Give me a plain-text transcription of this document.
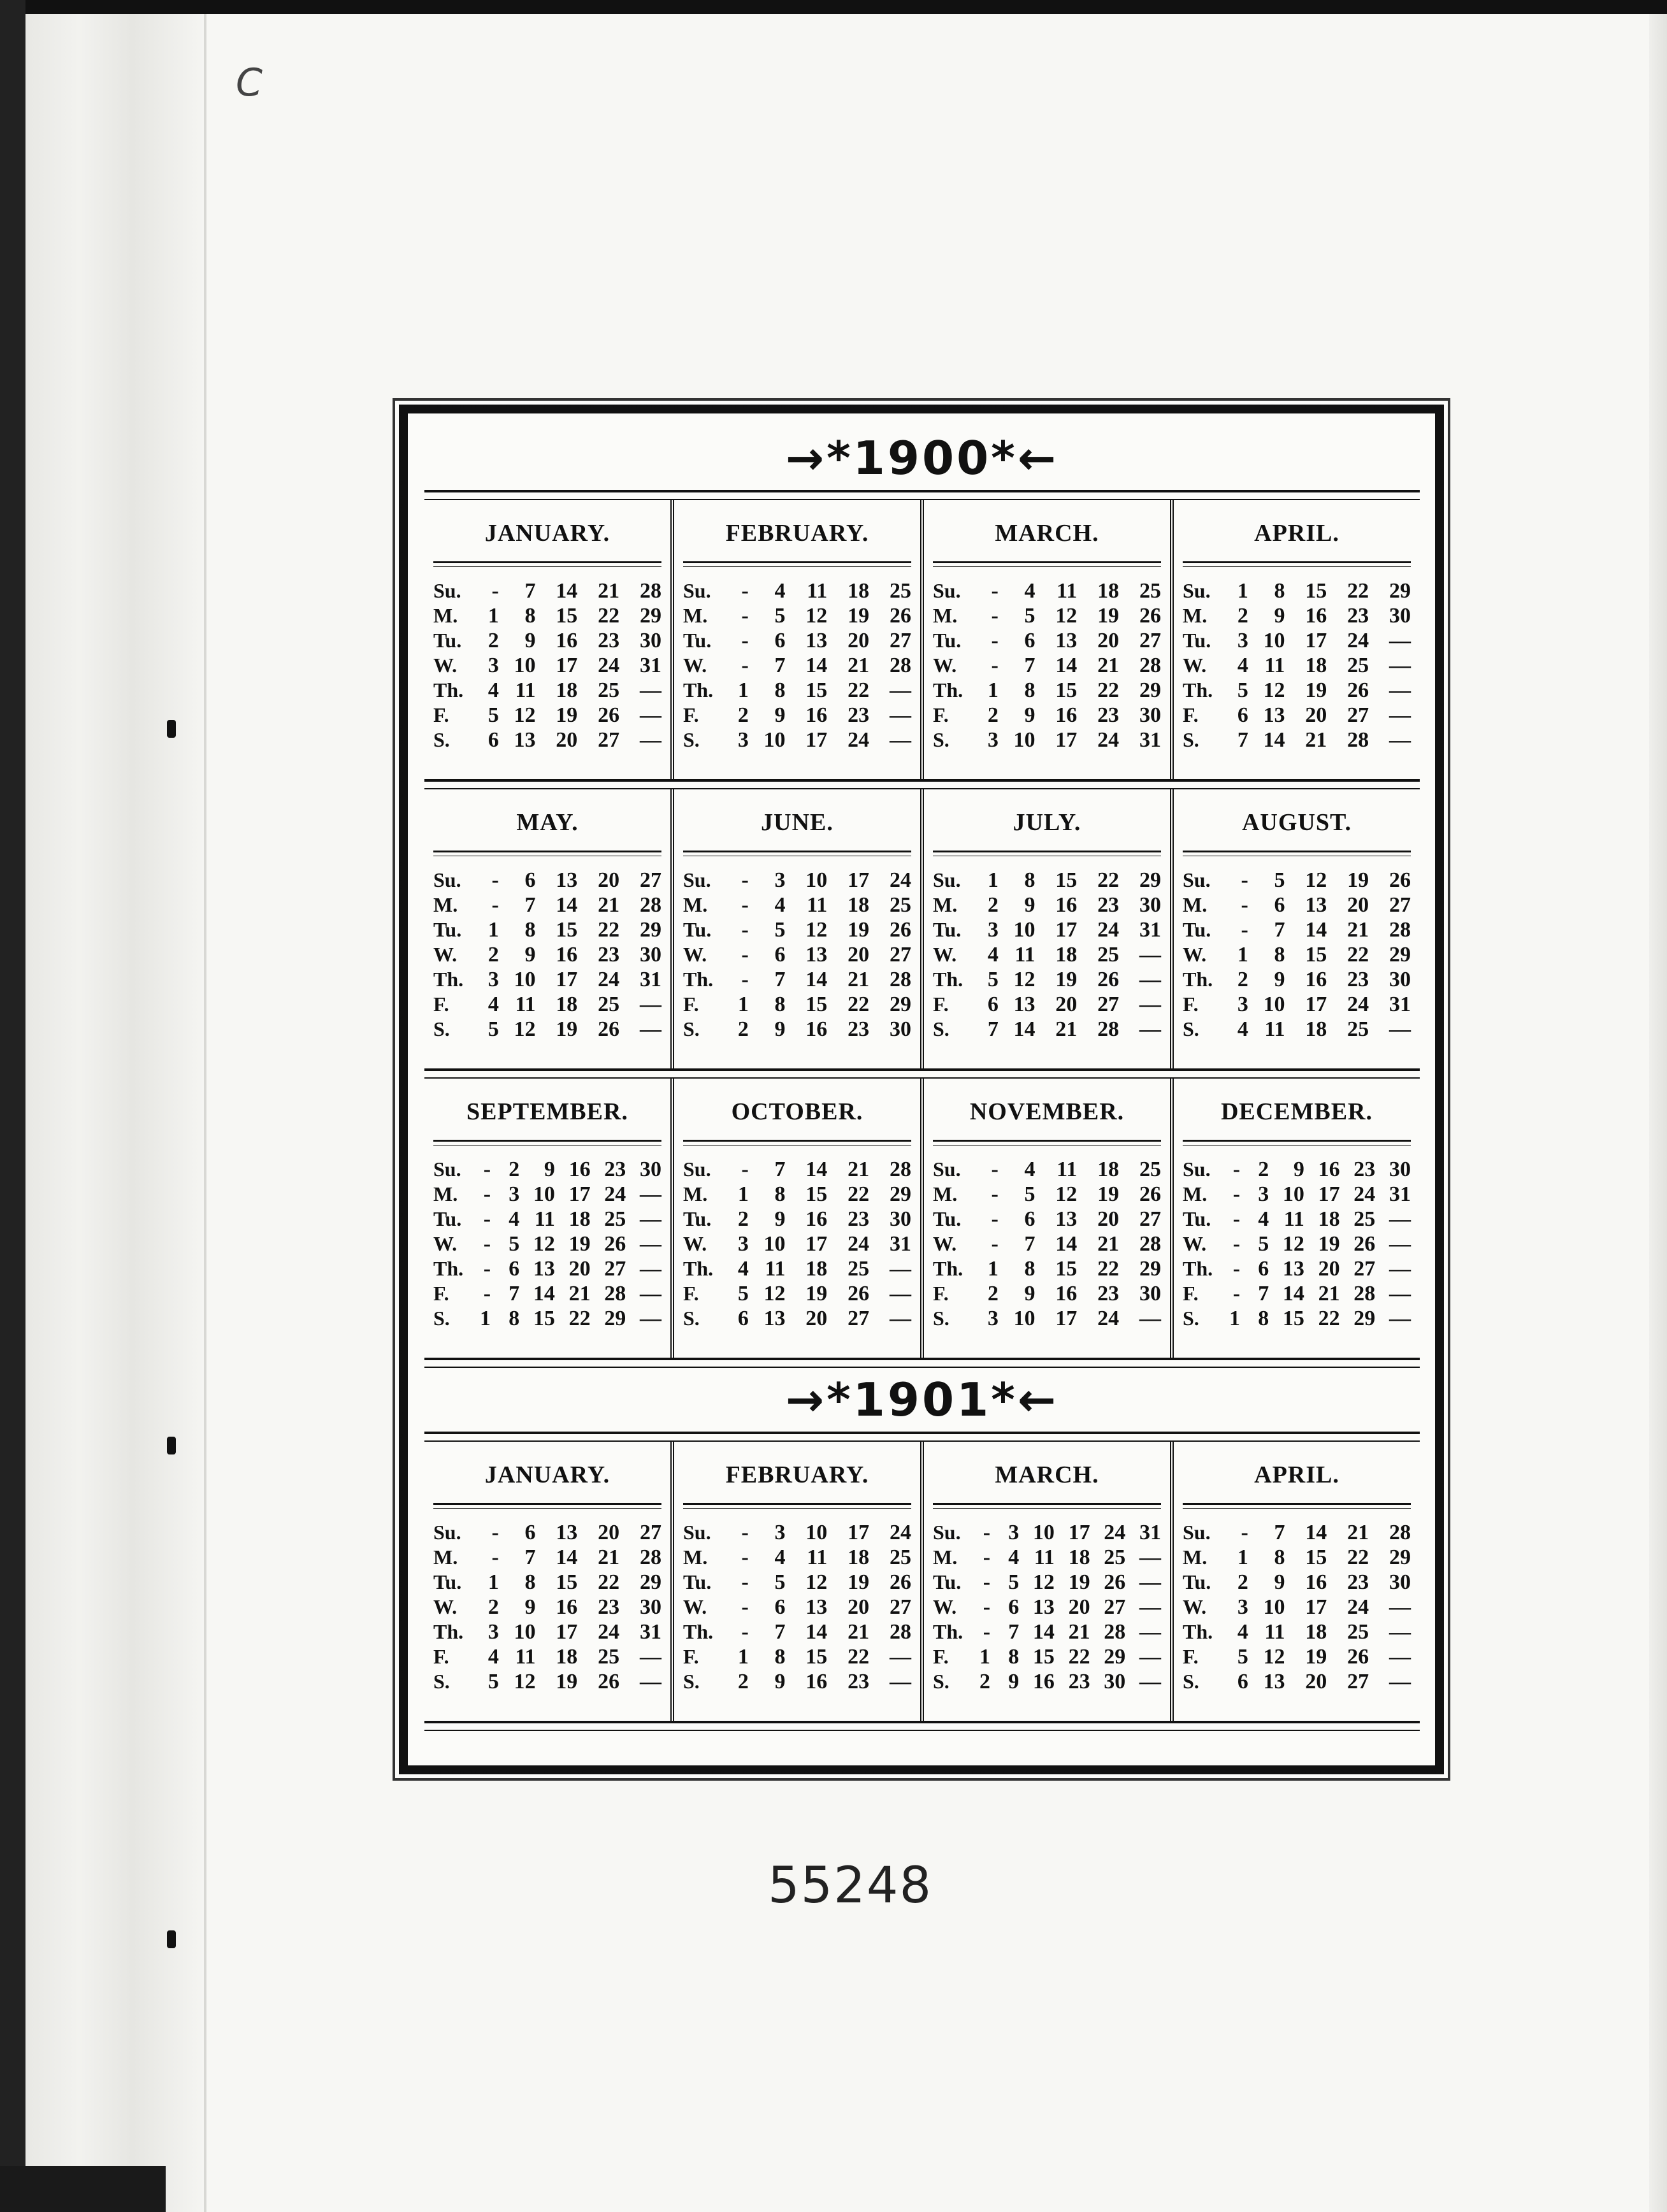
C
→*1900*←
JANUARY.
Su.	-	7	14	21	28
M.	1	8	15	22	29
Tu.	2	9	16	23	30
W.	3	10	17	24	31
Th.	4	11	18	25	—
F.	5	12	19	26	—
S.	6	13	20	27	—
FEBRUARY.
Su.	-	4	11	18	25
M.	-	5	12	19	26
Tu.	-	6	13	20	27
W.	-	7	14	21	28
Th.	1	8	15	22	—
F.	2	9	16	23	—
S.	3	10	17	24	—
MARCH.
Su.	-	4	11	18	25
M.	-	5	12	19	26
Tu.	-	6	13	20	27
W.	-	7	14	21	28
Th.	1	8	15	22	29
F.	2	9	16	23	30
S.	3	10	17	24	31
APRIL.
Su.	1	8	15	22	29
M.	2	9	16	23	30
Tu.	3	10	17	24	—
W.	4	11	18	25	—
Th.	5	12	19	26	—
F.	6	13	20	27	—
S.	7	14	21	28	—
MAY.
Su.	-	6	13	20	27
M.	-	7	14	21	28
Tu.	1	8	15	22	29
W.	2	9	16	23	30
Th.	3	10	17	24	31
F.	4	11	18	25	—
S.	5	12	19	26	—
JUNE.
Su.	-	3	10	17	24
M.	-	4	11	18	25
Tu.	-	5	12	19	26
W.	-	6	13	20	27
Th.	-	7	14	21	28
F.	1	8	15	22	29
S.	2	9	16	23	30
JULY.
Su.	1	8	15	22	29
M.	2	9	16	23	30
Tu.	3	10	17	24	31
W.	4	11	18	25	—
Th.	5	12	19	26	—
F.	6	13	20	27	—
S.	7	14	21	28	—
AUGUST.
Su.	-	5	12	19	26
M.	-	6	13	20	27
Tu.	-	7	14	21	28
W.	1	8	15	22	29
Th.	2	9	16	23	30
F.	3	10	17	24	31
S.	4	11	18	25	—
SEPTEMBER.
Su.	-	2	9	16	23	30
M.	-	3	10	17	24	—
Tu.	-	4	11	18	25	—
W.	-	5	12	19	26	—
Th.	-	6	13	20	27	—
F.	-	7	14	21	28	—
S.	1	8	15	22	29	—
OCTOBER.
Su.	-	7	14	21	28
M.	1	8	15	22	29
Tu.	2	9	16	23	30
W.	3	10	17	24	31
Th.	4	11	18	25	—
F.	5	12	19	26	—
S.	6	13	20	27	—
NOVEMBER.
Su.	-	4	11	18	25
M.	-	5	12	19	26
Tu.	-	6	13	20	27
W.	-	7	14	21	28
Th.	1	8	15	22	29
F.	2	9	16	23	30
S.	3	10	17	24	—
DECEMBER.
Su.	-	2	9	16	23	30
M.	-	3	10	17	24	31
Tu.	-	4	11	18	25	—
W.	-	5	12	19	26	—
Th.	-	6	13	20	27	—
F.	-	7	14	21	28	—
S.	1	8	15	22	29	—
→*1901*←
JANUARY.
Su.	-	6	13	20	27
M.	-	7	14	21	28
Tu.	1	8	15	22	29
W.	2	9	16	23	30
Th.	3	10	17	24	31
F.	4	11	18	25	—
S.	5	12	19	26	—
FEBRUARY.
Su.	-	3	10	17	24
M.	-	4	11	18	25
Tu.	-	5	12	19	26
W.	-	6	13	20	27
Th.	-	7	14	21	28
F.	1	8	15	22	—
S.	2	9	16	23	—
MARCH.
Su.	-	3	10	17	24	31
M.	-	4	11	18	25	—
Tu.	-	5	12	19	26	—
W.	-	6	13	20	27	—
Th.	-	7	14	21	28	—
F.	1	8	15	22	29	—
S.	2	9	16	23	30	—
APRIL.
Su.	-	7	14	21	28
M.	1	8	15	22	29
Tu.	2	9	16	23	30
W.	3	10	17	24	—
Th.	4	11	18	25	—
F.	5	12	19	26	—
S.	6	13	20	27	—
55248
